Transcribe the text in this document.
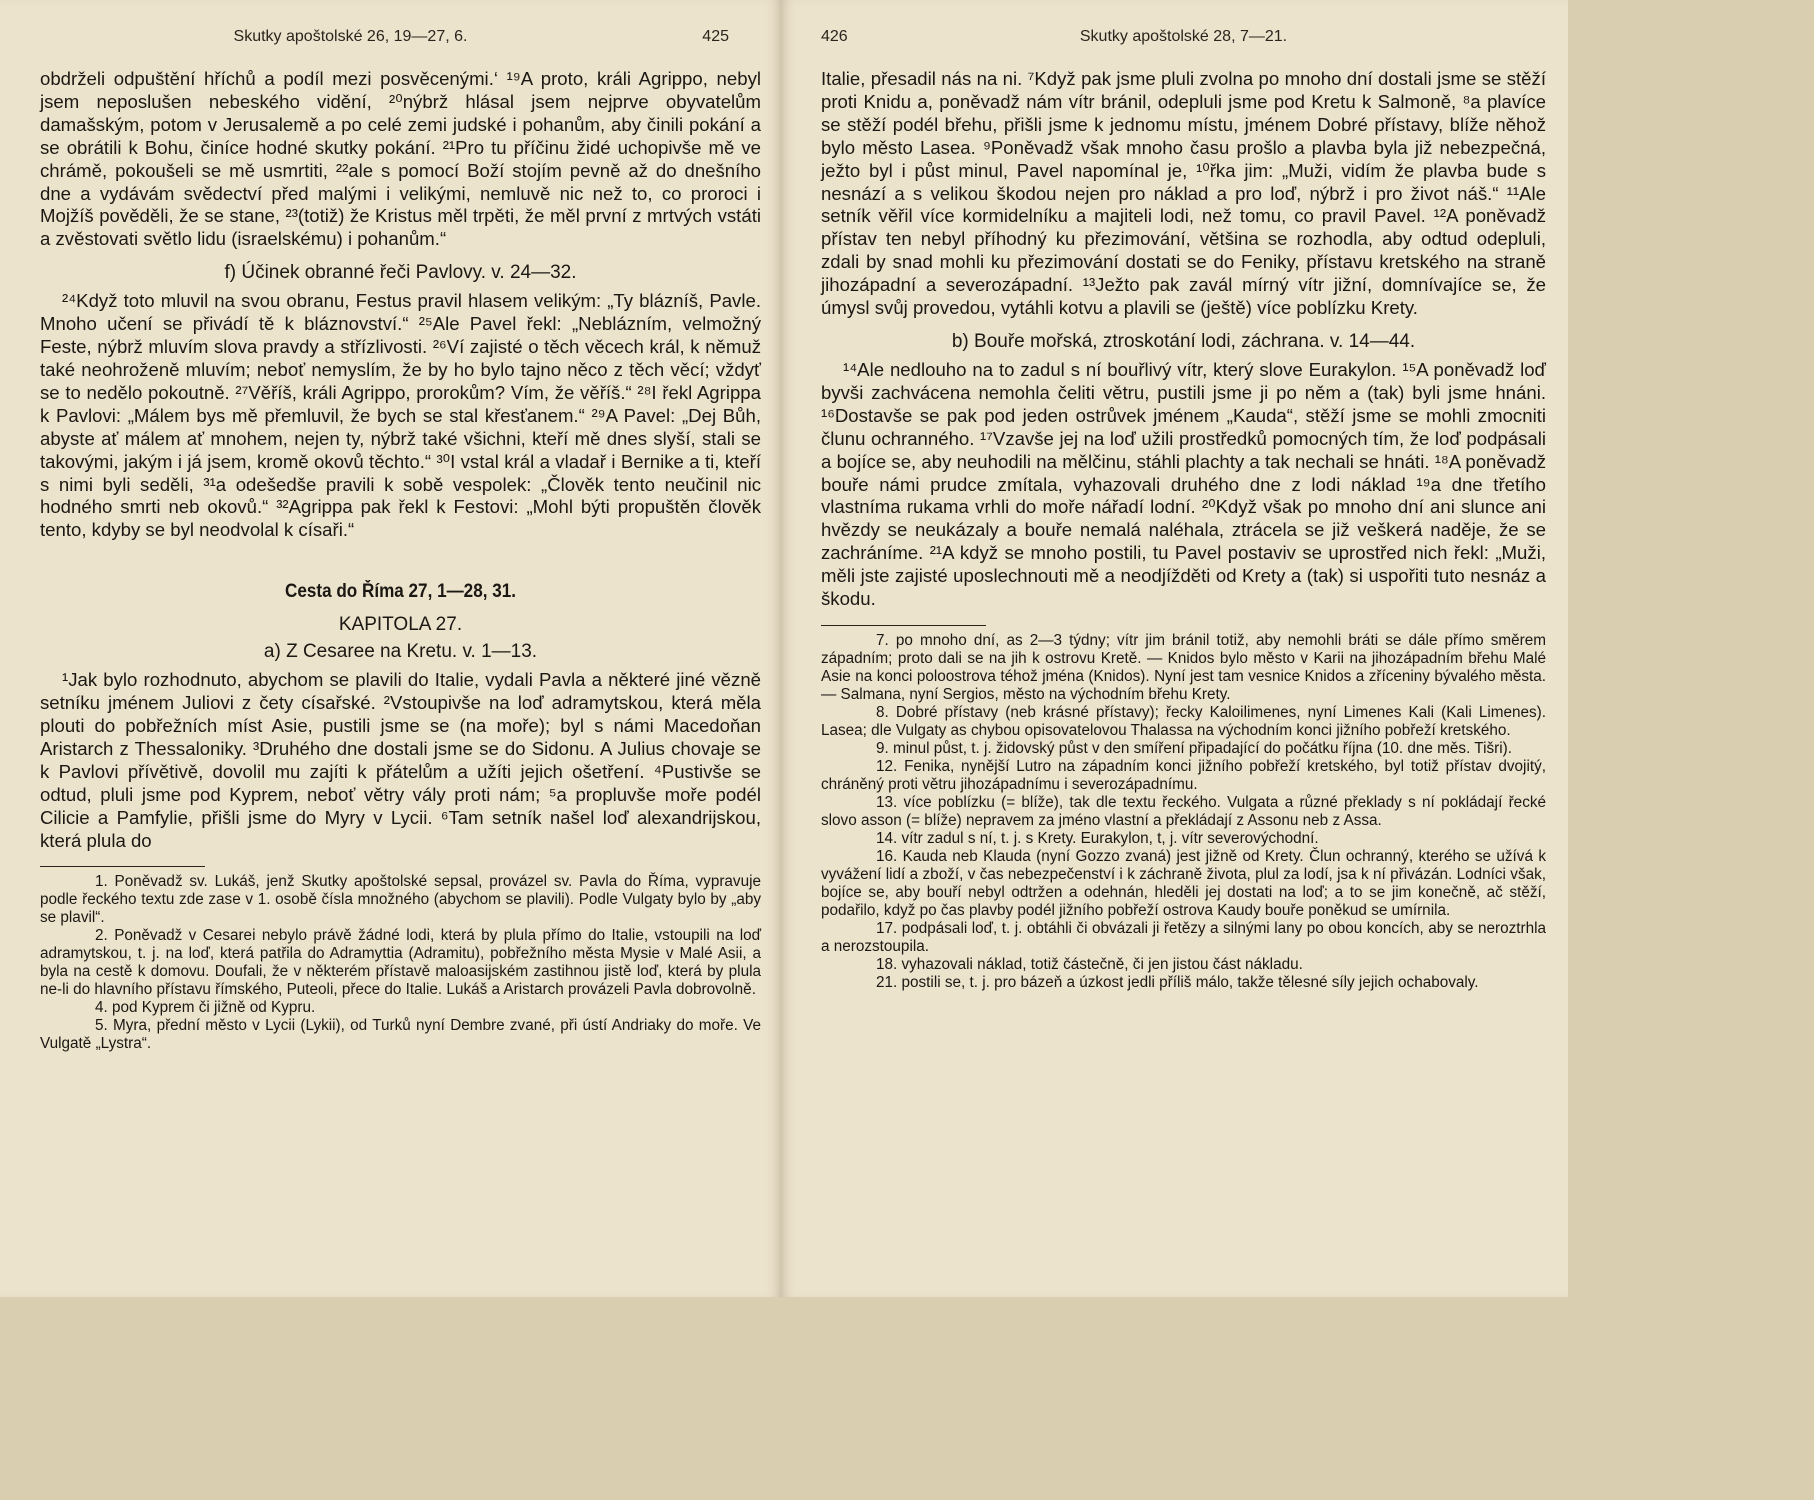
Skutky apoštolské 26, 19—27, 6.	425

obdrželi odpuštění hříchů a podíl mezi posvěcenými.‘ ¹⁹A proto, králi Agrippo, nebyl jsem neposlušen nebeského vidění, ²⁰nýbrž hlásal jsem nejprve obyvatelům damašským, potom v Jerusalemě a po celé zemi judské i pohanům, aby činili pokání a se obrátili k Bohu, činíce hodné skutky pokání. ²¹Pro tu příčinu židé uchopivše mě ve chrámě, pokoušeli se mě usmrtiti, ²²ale s pomocí Boží stojím pevně až do dnešního dne a vydávám svědectví před malými i velikými, nemluvě nic než to, co proroci i Mojžíš pověděli, že se stane, ²³(totiž) že Kristus měl trpěti, že měl první z mrtvých vstáti a zvěstovati světlo lidu (israelskému) i pohanům.“

f) Účinek obranné řeči Pavlovy. v. 24—32.

²⁴Když toto mluvil na svou obranu, Festus pravil hlasem velikým: „Ty blázníš, Pavle. Mnoho učení se přivádí tě k bláznovství.“ ²⁵Ale Pavel řekl: „Neblázním, velmožný Feste, nýbrž mluvím slova pravdy a střízlivosti. ²⁶Ví zajisté o těch věcech král, k němuž také neohroženě mluvím; neboť nemyslím, že by ho bylo tajno něco z těch věcí; vždyť se to nedělo pokoutně. ²⁷Věříš, králi Agrippo, prorokům? Vím, že věříš.“ ²⁸I řekl Agrippa k Pavlovi: „Málem bys mě přemluvil, že bych se stal křesťanem.“ ²⁹A Pavel: „Dej Bůh, abyste ať málem ať mnohem, nejen ty, nýbrž také všichni, kteří mě dnes slyší, stali se takovými, jakým i já jsem, kromě okovů těchto.“ ³⁰I vstal král a vladař i Bernike a ti, kteří s nimi byli seděli, ³¹a odešedše pravili k sobě vespolek: „Člověk tento neučinil nic hodného smrti neb okovů.“ ³²Agrippa pak řekl k Festovi: „Mohl býti propuštěn člověk tento, kdyby se byl neodvolal k císaři.“

Cesta do Říma 27, 1—28, 31.
KAPITOLA 27.
a) Z Cesaree na Kretu. v. 1—13.

¹Jak bylo rozhodnuto, abychom se plavili do Italie, vydali Pavla a některé jiné vězně setníku jménem Juliovi z čety císařské. ²Vstoupivše na loď adramytskou, která měla plouti do pobřežních míst Asie, pustili jsme se (na moře); byl s námi Macedoňan Aristarch z Thessaloniky. ³Druhého dne dostali jsme se do Sidonu. A Julius chovaje se k Pavlovi přívětivě, dovolil mu zajíti k přátelům a užíti jejich ošetření. ⁴Pustivše se odtud, pluli jsme pod Kyprem, neboť větry vály proti nám; ⁵a propluvše moře podél Cilicie a Pamfylie, přišli jsme do Myry v Lycii. ⁶Tam setník našel loď alexandrijskou, která plula do

1. Poněvadž sv. Lukáš, jenž Skutky apoštolské sepsal, provázel sv. Pavla do Říma, vypravuje podle řeckého textu zde zase v 1. osobě čísla množného (abychom se plavili). Podle Vulgaty bylo by „aby se plavil“.

2. Poněvadž v Cesarei nebylo právě žádné lodi, která by plula přímo do Italie, vstoupili na loď adramytskou, t. j. na loď, která patřila do Adramyttia (Adramitu), pobřežního města Mysie v Malé Asii, a byla na cestě k domovu. Doufali, že v některém přístavě maloasijském zastihnou jistě loď, která by plula ne-li do hlavního přístavu římského, Puteoli, přece do Italie. Lukáš a Aristarch provázeli Pavla dobrovolně.

4. pod Kyprem či jižně od Kypru.

5. Myra, přední město v Lycii (Lykii), od Turků nyní Dembre zvané, při ústí Andriaky do moře. Ve Vulgatě „Lystra“.

426	Skutky apoštolské 28, 7—21.

Italie, přesadil nás na ni. ⁷Když pak jsme pluli zvolna po mnoho dní dostali jsme se stěží proti Knidu a, poněvadž nám vítr bránil, odepluli jsme pod Kretu k Salmoně, ⁸a plavíce se stěží podél břehu, přišli jsme k jednomu místu, jménem Dobré přístavy, blíže něhož bylo město Lasea. ⁹Poněvadž však mnoho času prošlo a plavba byla již nebezpečná, ježto byl i půst minul, Pavel napomínal je, ¹⁰řka jim: „Muži, vidím že plavba bude s nesnází a s velikou škodou nejen pro náklad a pro loď, nýbrž i pro život náš.“ ¹¹Ale setník věřil více kormidelníku a majiteli lodi, než tomu, co pravil Pavel. ¹²A poněvadž přístav ten nebyl příhodný ku přezimování, většina se rozhodla, aby odtud odepluli, zdali by snad mohli ku přezimování dostati se do Feniky, přístavu kretského na straně jihozápadní a severozápadní. ¹³Ježto pak zavál mírný vítr jižní, domnívajíce se, že úmysl svůj provedou, vytáhli kotvu a plavili se (ještě) více poblízku Krety.

b) Bouře mořská, ztroskotání lodi, záchrana. v. 14—44.

¹⁴Ale nedlouho na to zadul s ní bouřlivý vítr, který slove Eurakylon. ¹⁵A poněvadž loď byvši zachvácena nemohla čeliti větru, pustili jsme ji po něm a (tak) byli jsme hnáni. ¹⁶Dostavše se pak pod jeden ostrůvek jménem „Kauda“, stěží jsme se mohli zmocniti člunu ochranného. ¹⁷Vzavše jej na loď užili prostředků pomocných tím, že loď podpásali a bojíce se, aby neuhodili na mělčinu, stáhli plachty a tak nechali se hnáti. ¹⁸A poněvadž bouře námi prudce zmítala, vyhazovali druhého dne z lodi náklad ¹⁹a dne třetího vlastníma rukama vrhli do moře nářadí lodní. ²⁰Když však po mnoho dní ani slunce ani hvězdy se neukázaly a bouře nemalá naléhala, ztrácela se již veškerá naděje, že se zachráníme. ²¹A když se mnoho postili, tu Pavel postaviv se uprostřed nich řekl: „Muži, měli jste zajisté uposlechnouti mě a neodjížděti od Krety a (tak) si uspořiti tuto nesnáz a škodu.

7. po mnoho dní, as 2—3 týdny; vítr jim bránil totiž, aby nemohli bráti se dále přímo směrem západním; proto dali se na jih k ostrovu Kretě. — Knidos bylo město v Karii na jihozápadním břehu Malé Asie na konci poloostrova téhož jména (Knidos). Nyní jest tam vesnice Knidos a zříceniny bývalého města. — Salmana, nyní Sergios, město na východním břehu Krety.

8. Dobré přístavy (neb krásné přístavy); řecky Kaloilimenes, nyní Limenes Kali (Kali Limenes). Lasea; dle Vulgaty as chybou opisovatelovou Thalassa na východním konci jižního pobřeží kretského.

9. minul půst, t. j. židovský půst v den smíření připadající do počátku října (10. dne měs. Tišri).

12. Fenika, nynější Lutro na západním konci jižního pobřeží kretského, byl totiž přístav dvojitý, chráněný proti větru jihozápadnímu i severozápadnímu.

13. více poblízku (= blíže), tak dle textu řeckého. Vulgata a různé překlady s ní pokládají řecké slovo asson (= blíže) nepravem za jméno vlastní a překládají z Assonu neb z Assa.

14. vítr zadul s ní, t. j. s Krety. Eurakylon, t, j. vítr severovýchodní.

16. Kauda neb Klauda (nyní Gozzo zvaná) jest jižně od Krety. Člun ochranný, kterého se užívá k vyvážení lidí a zboží, v čas nebezpečenství i k záchraně života, plul za lodí, jsa k ní přivázán. Lodníci však, bojíce se, aby bouří nebyl odtržen a odehnán, hleděli jej dostati na loď; a to se jim konečně, ač stěží, podařilo, když po čas plavby podél jižního pobřeží ostrova Kaudy bouře poněkud se umírnila.

17. podpásali loď, t. j. obtáhli či obvázali ji řetězy a silnými lany po obou koncích, aby se neroztrhla a nerozstoupila.

18. vyhazovali náklad, totiž částečně, či jen jistou část nákladu.

21. postili se, t. j. pro bázeň a úzkost jedli příliš málo, takže tělesné síly jejich ochabovaly.
